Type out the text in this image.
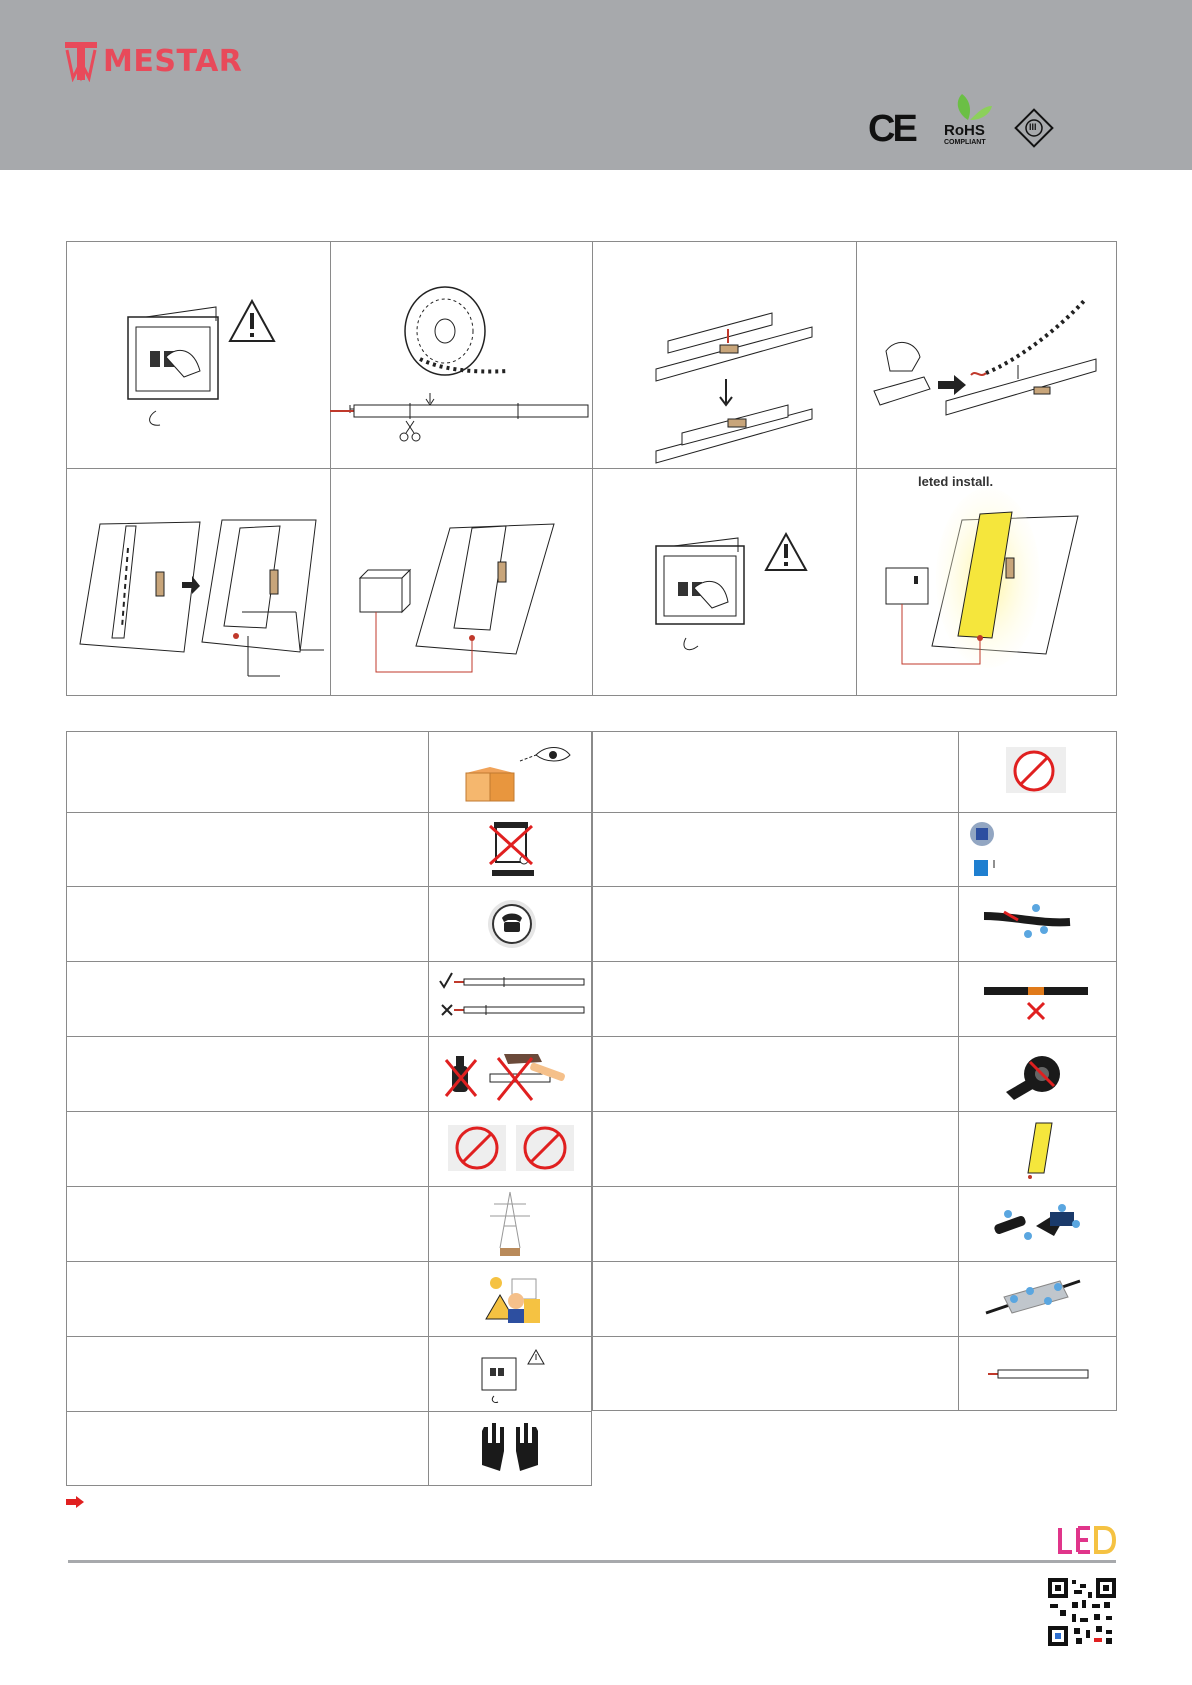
MESTAR
CE RoHS
COMPLIANT
III
leted install.
